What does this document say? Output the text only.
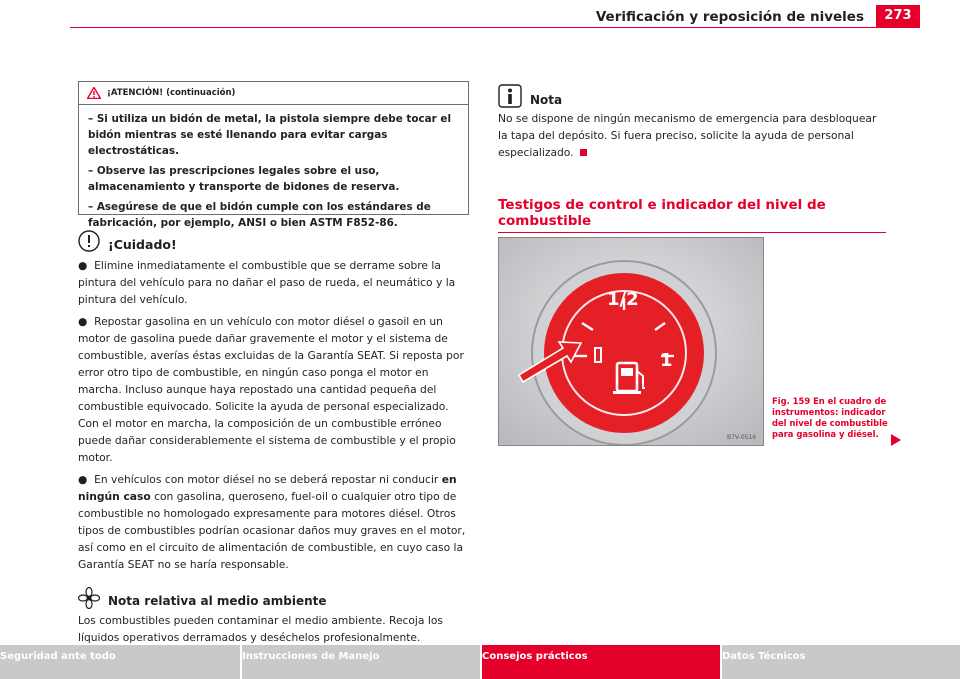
Verificación y reposición de niveles	273
¡ATENCIÓN! (continuación)

– Si utiliza un bidón de metal, la pistola siempre debe tocar el bidón mientras se esté llenando para evitar cargas electrostáticas.

– Observe las prescripciones legales sobre el uso, almacenamiento y transporte de bidones de reserva.

– Asegúrese de que el bidón cumple con los estándares de fabricación, por ejemplo, ANSI o bien ASTM F852-86.

¡Cuidado!

●  Elimine inmediatamente el combustible que se derrame sobre la pintura del vehículo para no dañar el paso de rueda, el neumático y la pintura del vehículo.

●  Repostar gasolina en un vehículo con motor diésel o gasoil en un motor de gasolina puede dañar gravemente el motor y el sistema de combustible, averías éstas excluidas de la Garantía SEAT. Si reposta por error otro tipo de combustible, en ningún caso ponga el motor en marcha. Incluso aunque haya repostado una cantidad pequeña del combustible equivocado. Solicite la ayuda de personal especializado. Con el motor en marcha, la composición de un combustible erróneo puede dañar considerablemente el sistema de combustible y el propio motor.

●  En vehículos con motor diésel no se deberá repostar ni conducir en ningún caso con gasolina, queroseno, fuel-oil o cualquier otro tipo de combustible no homologado expresamente para motores diésel. Otros tipos de combustibles podrían ocasionar daños muy graves en el motor, así como en el circuito de alimentación de combustible, en cuyo caso la Garantía SEAT no se haría responsable.

Nota relativa al medio ambiente

Los combustibles pueden contaminar el medio ambiente. Recoja los líquidos operativos derramados y deséchelos profesionalmente.

Nota

No se dispone de ningún mecanismo de emergencia para desbloquear la tapa del depósito. Si fuera preciso, solicite la ayuda de personal especializado.

Testigos de control e indicador del nivel de combustible

1/2
1
B7V-0516
Fig. 159 En el cuadro de instrumentos: indicador del nivel de combustible para gasolina y diésel.
Seguridad ante todo	Instrucciones de Manejo	Consejos prácticos	Datos Técnicos
